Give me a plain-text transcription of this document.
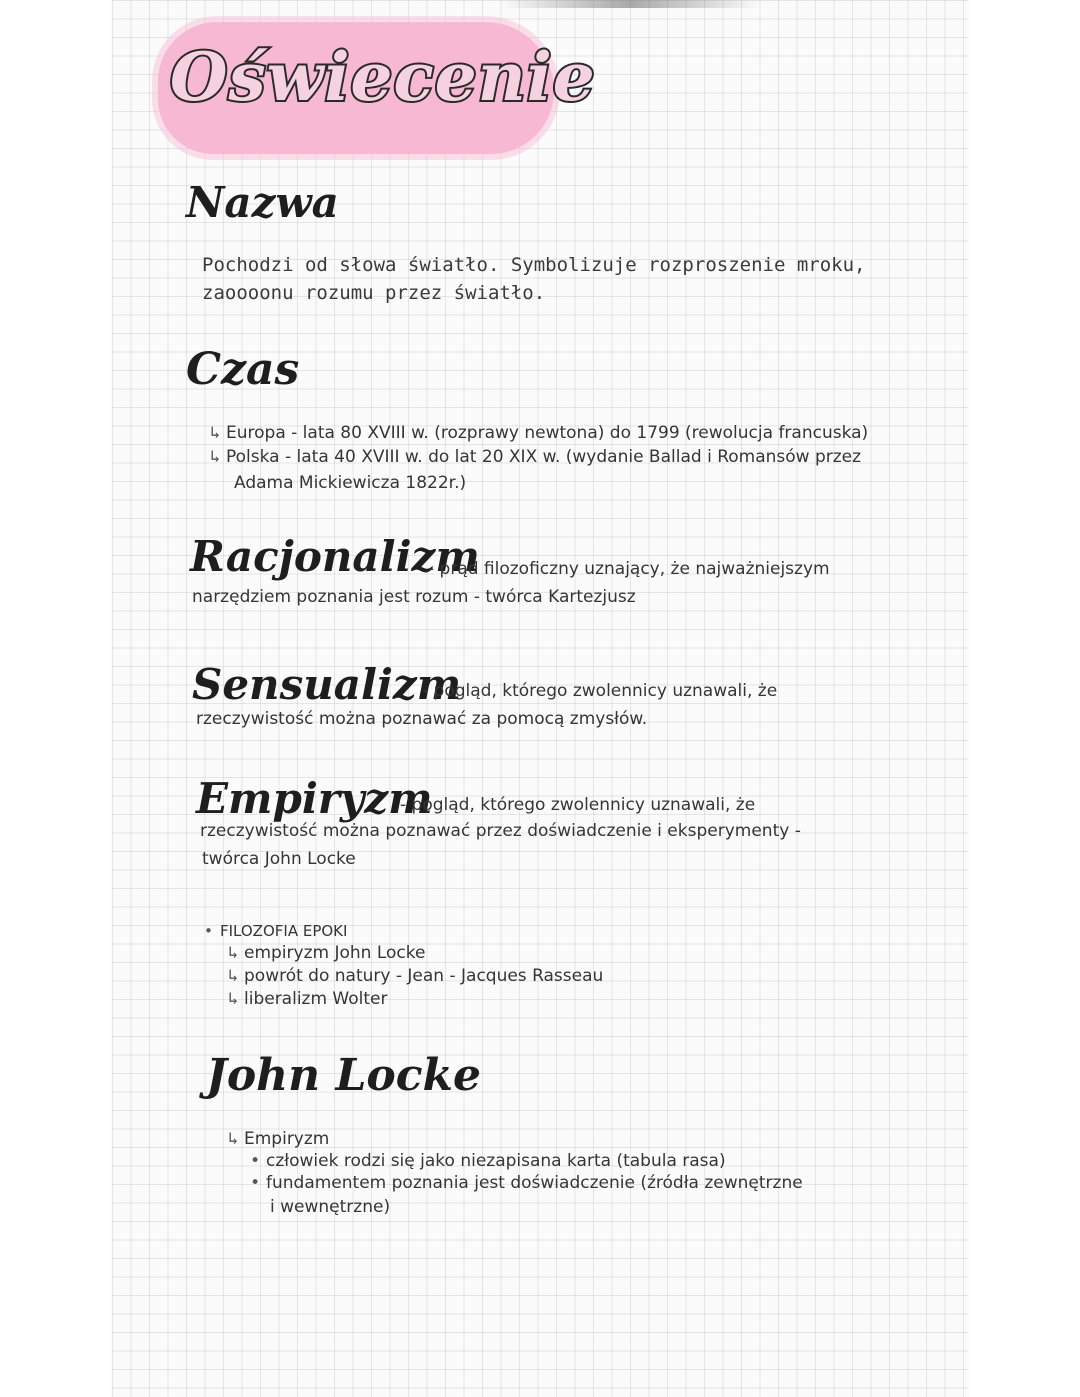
Oświecenie
Nazwa
Pochodzi od słowa światło. Symbolizuje rozproszenie mroku,
zaoooonu rozumu przez światło.
Czas
↳ Europa - lata 80 XVIII w. (rozprawy newtona) do 1799 (rewolucja francuska)
↳ Polska - lata 40 XVIII w. do lat 20 XIX w. (wydanie Ballad i Romansów przez
Adama Mickiewicza 1822r.)
Racjonalizm
- prąd filozoficzny uznający, że najważniejszym
narzędziem poznania jest rozum - twórca Kartezjusz
Sensualizm
- pogląd, którego zwolennicy uznawali, że
rzeczywistość można poznawać za pomocą zmysłów.
Empiryzm
- pogląd, którego zwolennicy uznawali, że
rzeczywistość można poznawać przez doświadczenie i eksperymenty -
twórca John Locke
• FILOZOFIA EPOKI
↳ empiryzm John Locke
↳ powrót do natury - Jean - Jacques Rasseau
↳ liberalizm Wolter
John Locke
↳ Empiryzm
• człowiek rodzi się jako niezapisana karta (tabula rasa)
• fundamentem poznania jest doświadczenie (źródła zewnętrzne
i wewnętrzne)
